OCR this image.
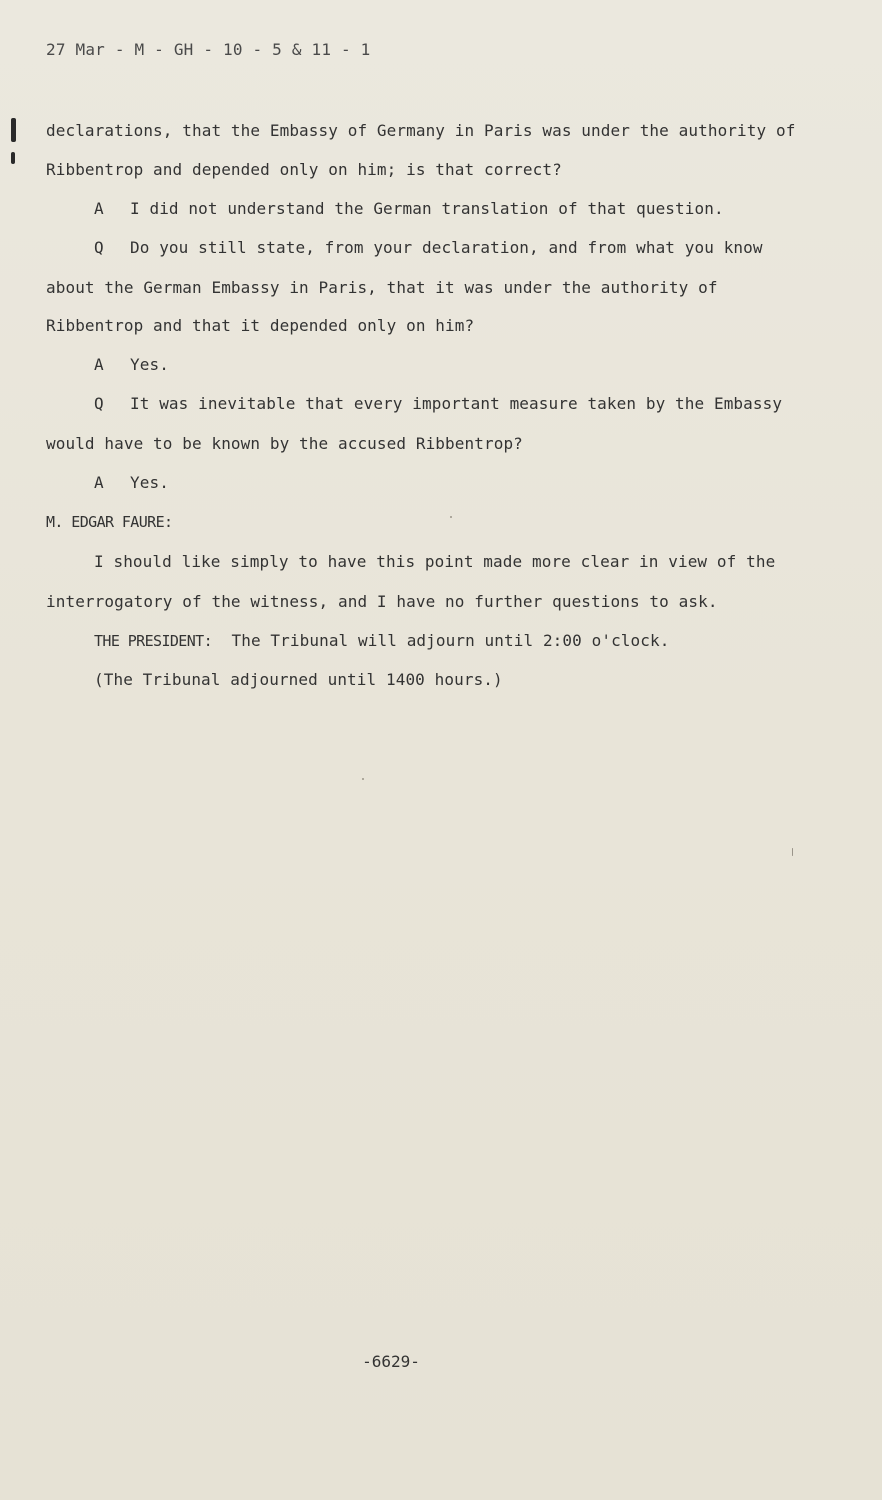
27 Mar - M - GH - 10 - 5 & 11 - 1
declarations, that the Embassy of Germany in Paris was under the authority of
Ribbentrop and depended only on him; is that correct?
A I did not understand the German translation of that question.
Q Do you still state, from your declaration, and from what you know
about the German Embassy in Paris, that it was under the authority of
Ribbentrop and that it depended only on him?
A Yes.
Q It was inevitable that every important measure taken by the Embassy
would have to be known by the accused Ribbentrop?
A Yes.
M. EDGAR FAURE:
I should like simply to have this point made more clear in view of the
interrogatory of the witness, and I have no further questions to ask.
THE PRESIDENT: The Tribunal will adjourn until 2:00 o'clock.
(The Tribunal adjourned until 1400 hours.)
-6629-
